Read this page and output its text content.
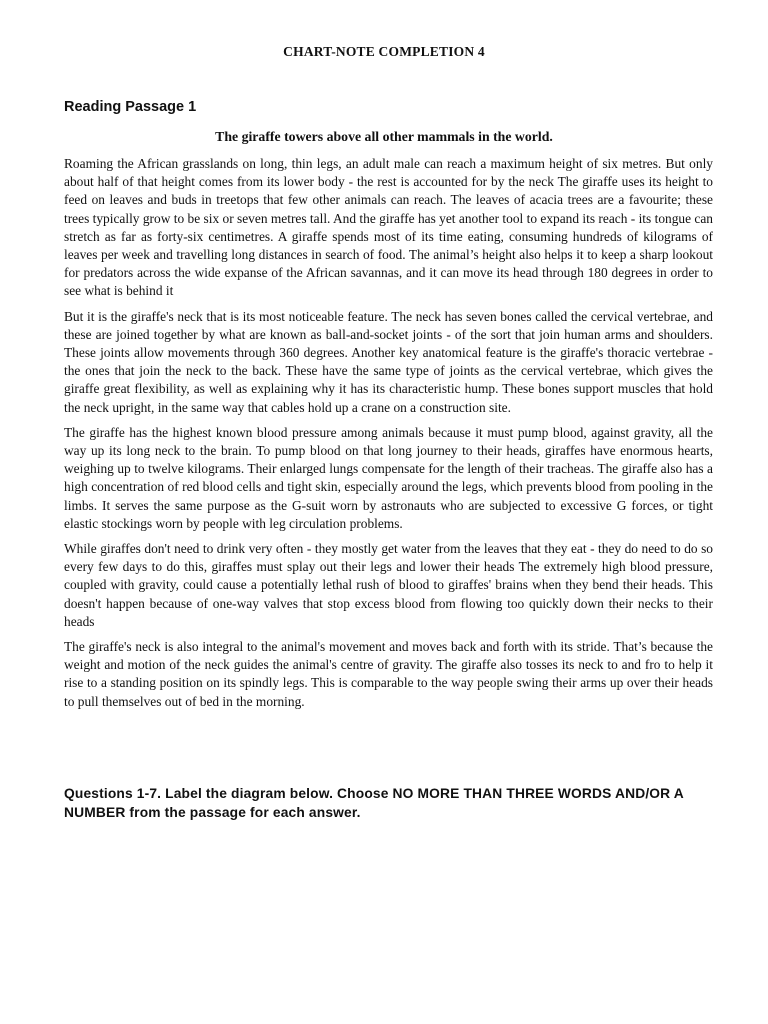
CHART-NOTE COMPLETION 4
Reading Passage 1
The giraffe towers above all other mammals in the world.

Roaming the African grasslands on long, thin legs, an adult male can reach a maximum height of six metres. But only about half of that height comes from its lower body - the rest is accounted for by the neck The giraffe uses its height to feed on leaves and buds in treetops that few other animals can reach. The leaves of acacia trees are a favourite; these trees typically grow to be six or seven metres tall. And the giraffe has yet another tool to expand its reach - its tongue can stretch as far as forty-six centimetres. A giraffe spends most of its time eating, consuming hundreds of kilograms of leaves per week and travelling long distances in search of food. The animal’s height also helps it to keep a sharp lookout for predators across the wide expanse of the African savannas, and it can move its head through 180 degrees in order to see what is behind it

But it is the giraffe's neck that is its most noticeable feature. The neck has seven bones called the cervical vertebrae, and these are joined together by what are known as ball-and-socket joints - of the sort that join human arms and shoulders. These joints allow movements through 360 degrees. Another key anatomical feature is the giraffe's thoracic vertebrae - the ones that join the neck to the back. These have the same type of joints as the cervical vertebrae, which gives the giraffe great flexibility, as well as explaining why it has its characteristic hump. These bones support muscles that hold the neck upright, in the same way that cables hold up a crane on a construction site.

The giraffe has the highest known blood pressure among animals because it must pump blood, against gravity, all the way up its long neck to the brain. To pump blood on that long journey to their heads, giraffes have enormous hearts, weighing up to twelve kilograms. Their enlarged lungs compensate for the length of their tracheas. The giraffe also has a high concentration of red blood cells and tight skin, especially around the legs, which prevents blood from pooling in the limbs. It serves the same purpose as the G-suit worn by astronauts who are subjected to excessive G forces, or tight elastic stockings worn by people with leg circulation problems.

While giraffes don't need to drink very often - they mostly get water from the leaves that they eat - they do need to do so every few days to do this, giraffes must splay out their legs and lower their heads The extremely high blood pressure, coupled with gravity, could cause a potentially lethal rush of blood to giraffes' brains when they bend their heads. This doesn't happen because of one-way valves that stop excess blood from flowing too quickly down their necks to their heads

The giraffe's neck is also integral to the animal's movement and moves back and forth with its stride. That’s because the weight and motion of the neck guides the animal's centre of gravity. The giraffe also tosses its neck to and fro to help it rise to a standing position on its spindly legs. This is comparable to the way people swing their arms up over their heads to pull themselves out of bed in the morning.

Questions 1-7. Label the diagram below. Choose NO MORE THAN THREE WORDS AND/OR A NUMBER from the passage for each answer.
